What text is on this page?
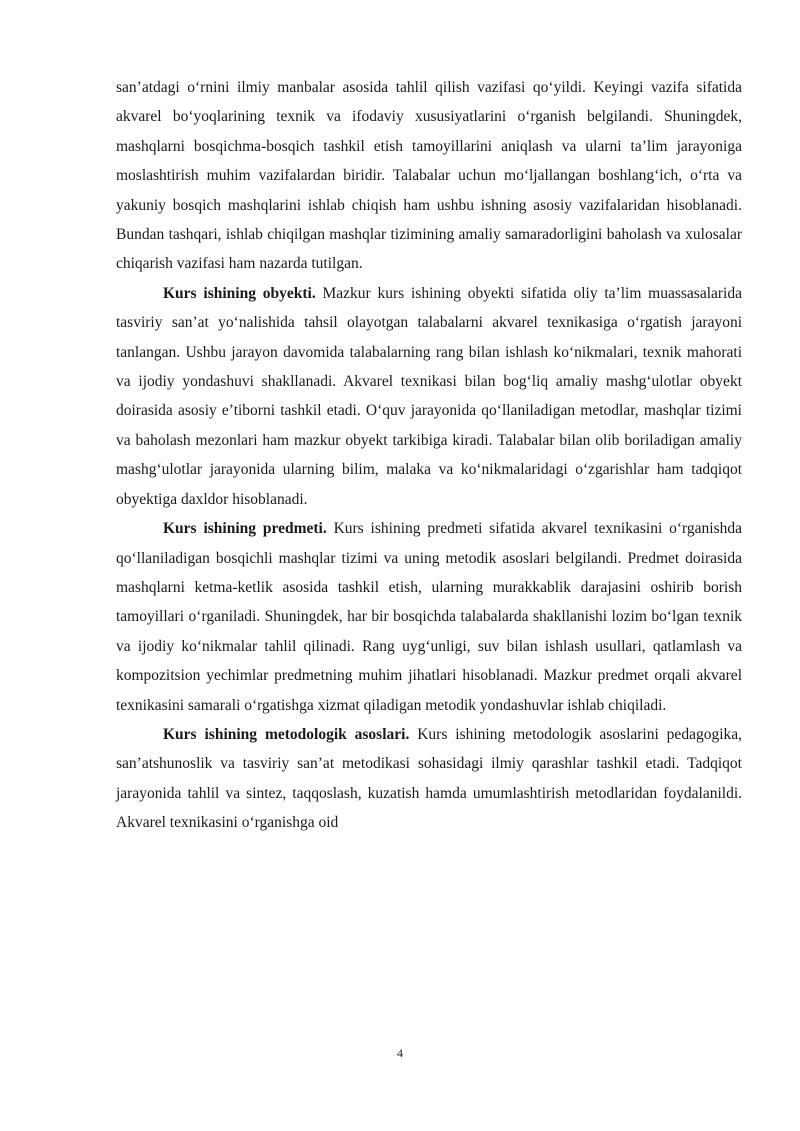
san’atdagi o‘rnini ilmiy manbalar asosida tahlil qilish vazifasi qo‘yildi. Keyingi vazifa sifatida akvarel bo‘yoqlarining texnik va ifodaviy xususiyatlarini o‘rganish belgilandi. Shuningdek, mashqlarni bosqichma-bosqich tashkil etish tamoyillarini aniqlash va ularni ta’lim jarayoniga moslashtirish muhim vazifalardan biridir. Talabalar uchun mo‘ljallangan boshlang‘ich, o‘rta va yakuniy bosqich mashqlarini ishlab chiqish ham ushbu ishning asosiy vazifalaridan hisoblanadi. Bundan tashqari, ishlab chiqilgan mashqlar tizimining amaliy samaradorligini baholash va xulosalar chiqarish vazifasi ham nazarda tutilgan.

Kurs ishining obyekti. Mazkur kurs ishining obyekti sifatida oliy ta’lim muassasalarida tasviriy san’at yo‘nalishida tahsil olayotgan talabalarni akvarel texnikasiga o‘rgatish jarayoni tanlangan. Ushbu jarayon davomida talabalarning rang bilan ishlash ko‘nikmalari, texnik mahorati va ijodiy yondashuvi shakllanadi. Akvarel texnikasi bilan bog‘liq amaliy mashg‘ulotlar obyekt doirasida asosiy e’tiborni tashkil etadi. O‘quv jarayonida qo‘llaniladigan metodlar, mashqlar tizimi va baholash mezonlari ham mazkur obyekt tarkibiga kiradi. Talabalar bilan olib boriladigan amaliy mashg‘ulotlar jarayonida ularning bilim, malaka va ko‘nikmalaridagi o‘zgarishlar ham tadqiqot obyektiga daxldor hisoblanadi.

Kurs ishining predmeti. Kurs ishining predmeti sifatida akvarel texnikasini o‘rganishda qo‘llaniladigan bosqichli mashqlar tizimi va uning metodik asoslari belgilandi. Predmet doirasida mashqlarni ketma-ketlik asosida tashkil etish, ularning murakkablik darajasini oshirib borish tamoyillari o‘rganiladi. Shuningdek, har bir bosqichda talabalarda shakllanishi lozim bo‘lgan texnik va ijodiy ko‘nikmalar tahlil qilinadi. Rang uyg‘unligi, suv bilan ishlash usullari, qatlamlash va kompozitsion yechimlar predmetning muhim jihatlari hisoblanadi. Mazkur predmet orqali akvarel texnikasini samarali o‘rgatishga xizmat qiladigan metodik yondashuvlar ishlab chiqiladi.

Kurs ishining metodologik asoslari. Kurs ishining metodologik asoslarini pedagogika, san’atshunoslik va tasviriy san’at metodikasi sohasidagi ilmiy qarashlar tashkil etadi. Tadqiqot jarayonida tahlil va sintez, taqqoslash, kuzatish hamda umumlashtirish metodlaridan foydalanildi. Akvarel texnikasini o‘rganishga oid

4
